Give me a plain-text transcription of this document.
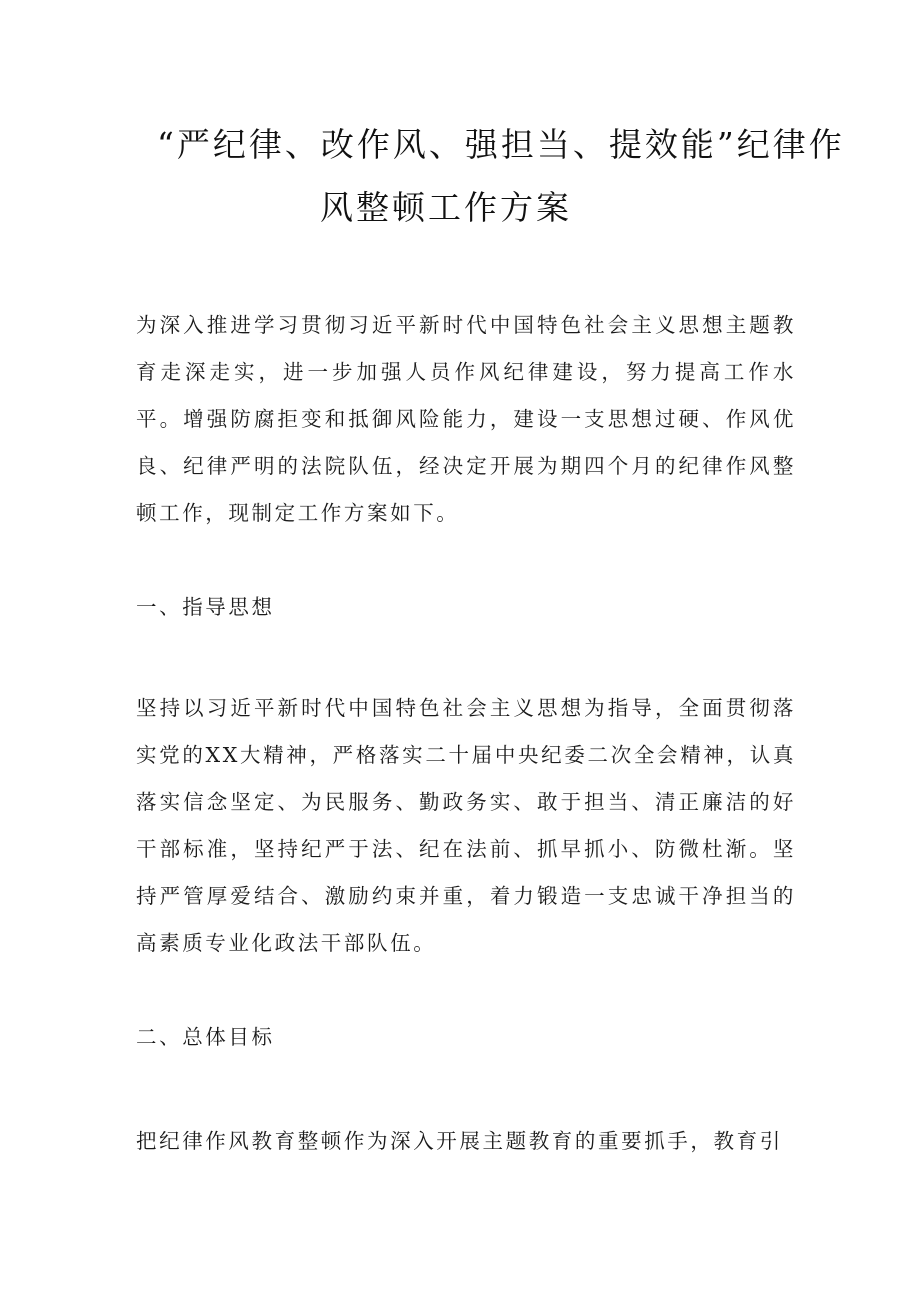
“严纪律、改作风、强担当、提效能”纪律作
风整顿工作方案
为深入推进学习贯彻习近平新时代中国特色社会主义思想主题教育走深走实，进一步加强人员作风纪律建设，努力提高工作水平。增强防腐拒变和抵御风险能力，建设一支思想过硬、作风优良、纪律严明的法院队伍，经决定开展为期四个月的纪律作风整顿工作，现制定工作方案如下。
一、指导思想
坚持以习近平新时代中国特色社会主义思想为指导，全面贯彻落实党的XX大精神，严格落实二十届中央纪委二次全会精神，认真落实信念坚定、为民服务、勤政务实、敢于担当、清正廉洁的好干部标准，坚持纪严于法、纪在法前、抓早抓小、防微杜渐。坚持严管厚爱结合、激励约束并重，着力锻造一支忠诚干净担当的高素质专业化政法干部队伍。
二、总体目标
把纪律作风教育整顿作为深入开展主题教育的重要抓手，教育引
